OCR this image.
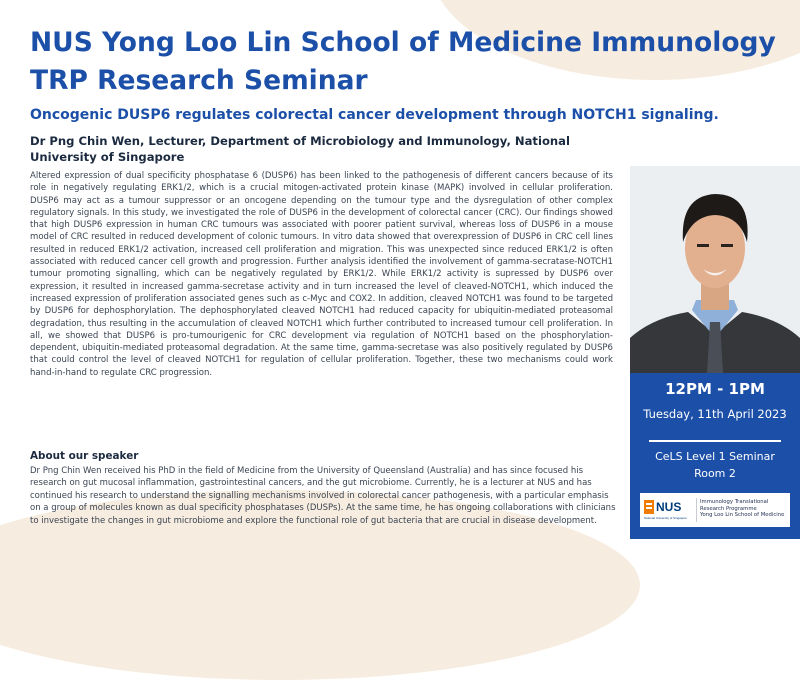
NUS Yong Loo Lin School of Medicine Immunology TRP Research Seminar
Oncogenic DUSP6 regulates colorectal cancer development through NOTCH1 signaling.

Dr Png Chin Wen, Lecturer, Department of Microbiology and Immunology, National University of Singapore

Altered expression of dual specificity phosphatase 6 (DUSP6) has been linked to the pathogenesis of different cancers because of its role in negatively regulating ERK1/2, which is a crucial mitogen-activated protein kinase (MAPK) involved in cellular proliferation. DUSP6 may act as a tumour suppressor or an oncogene depending on the tumour type and the dysregulation of other complex regulatory signals. In this study, we investigated the role of DUSP6 in the development of colorectal cancer (CRC). Our findings showed that high DUSP6 expression in human CRC tumours was associated with poorer patient survival, whereas loss of DUSP6 in a mouse model of CRC resulted in reduced development of colonic tumours. In vitro data showed that overexpression of DUSP6 in CRC cell lines resulted in reduced ERK1/2 activation, increased cell proliferation and migration. This was unexpected since reduced ERK1/2 is often associated with reduced cancer cell growth and progression. Further analysis identified the involvement of gamma-secratase-NOTCH1 tumour promoting signalling, which can be negatively regulated by ERK1/2. While ERK1/2 activity is supressed by DUSP6 over expression, it resulted in increased gamma-secretase activity and in turn increased the level of cleaved-NOTCH1, which induced the increased expression of proliferation associated genes such as c-Myc and COX2. In addition, cleaved NOTCH1 was found to be targeted by DUSP6 for dephosphorylation. The dephosphorylated cleaved NOTCH1 had reduced capacity for ubiquitin-mediated proteasomal degradation, thus resulting in the accumulation of cleaved NOTCH1 which further contributed to increased tumour cell proliferation. In all, we showed that DUSP6 is pro-tumourigenic for CRC development via regulation of NOTCH1 based on the phosphorylation-dependent, ubiquitin-mediated proteasomal degradation. At the same time, gamma-secretase was also positively regulated by DUSP6 that could control the level of cleaved NOTCH1 for regulation of cellular proliferation. Together, these two mechanisms could work hand-in-hand to regulate CRC progression.

About our speaker

Dr Png Chin Wen received his PhD in the field of Medicine from the University of Queensland (Australia) and has since focused his research on gut mucosal inflammation, gastrointestinal cancers, and the gut microbiome. Currently, he is a lecturer at NUS and has continued his research to understand the signalling mechanisms involved in colorectal cancer pathogenesis, with a particular emphasis on a group of molecules known as dual specificity phosphatases (DUSPs). At the same time, he has ongoing collaborations with clinicians to investigate the changes in gut microbiome and explore the functional role of gut bacteria that are crucial in disease development.

12PM - 1PM

Tuesday, 11th April 2023

CeLS Level 1 Seminar
Room 2

NUS
National University of Singapore

Immunology Translational Research Programme
Yong Loo Lin School of Medicine
